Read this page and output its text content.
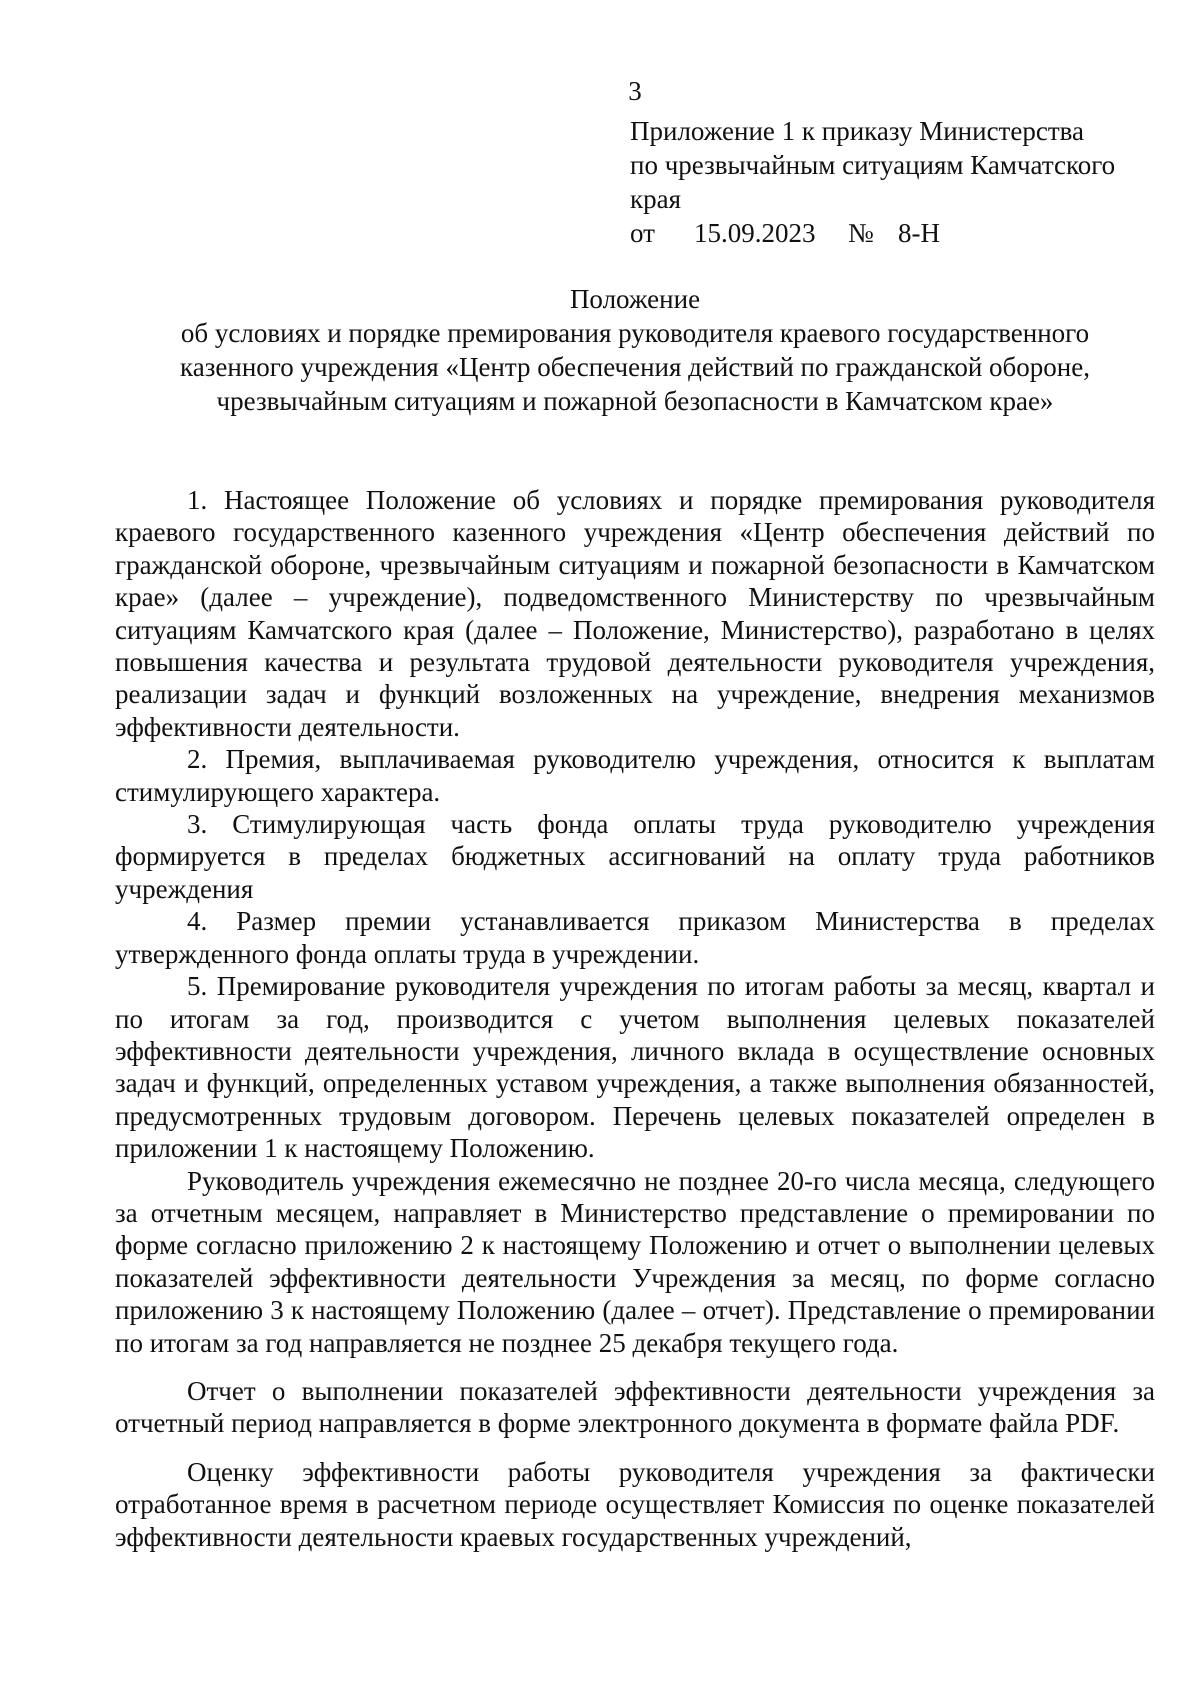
3
Приложение 1 к приказу Министерства
по чрезвычайным ситуациям Камчатского
края
от 15.09.2023 № 8-Н
Положение
об условиях и порядке премирования руководителя краевого государственного
казенного учреждения «Центр обеспечения действий по гражданской обороне,
чрезвычайным ситуациям и пожарной безопасности в Камчатском крае»

1. Настоящее Положение об условиях и порядке премирования руководителя краевого государственного казенного учреждения «Центр обеспечения действий по гражданской обороне, чрезвычайным ситуациям и пожарной безопасности в Камчатском крае» (далее – учреждение), подведомственного Министерству по чрезвычайным ситуациям Камчатского края (далее – Положение, Министерство), разработано в целях повышения качества и результата трудовой деятельности руководителя учреждения, реализации задач и функций возложенных на учреждение, внедрения механизмов эффективности деятельности.

2. Премия, выплачиваемая руководителю учреждения, относится к выплатам стимулирующего характера.

3. Стимулирующая часть фонда оплаты труда руководителю учреждения формируется в пределах бюджетных ассигнований на оплату труда работников учреждения

4. Размер премии устанавливается приказом Министерства в пределах утвержденного фонда оплаты труда в учреждении.

5. Премирование руководителя учреждения по итогам работы за месяц, квартал и по итогам за год, производится с учетом выполнения целевых показателей эффективности деятельности учреждения, личного вклада в осуществление основных задач и функций, определенных уставом учреждения, а также выполнения обязанностей, предусмотренных трудовым договором. Перечень целевых показателей определен в приложении 1 к настоящему Положению.

Руководитель учреждения ежемесячно не позднее 20-го числа месяца, следующего за отчетным месяцем, направляет в Министерство представление о премировании по форме согласно приложению 2 к настоящему Положению и отчет о выполнении целевых показателей эффективности деятельности Учреждения за месяц, по форме согласно приложению 3 к настоящему Положению (далее – отчет). Представление о премировании по итогам за год направляется не позднее 25 декабря текущего года.

Отчет о выполнении показателей эффективности деятельности учреждения за отчетный период направляется в форме электронного документа в формате файла PDF.

Оценку эффективности работы руководителя учреждения за фактически отработанное время в расчетном периоде осуществляет Комиссия по оценке показателей эффективности деятельности краевых государственных учреждений,
